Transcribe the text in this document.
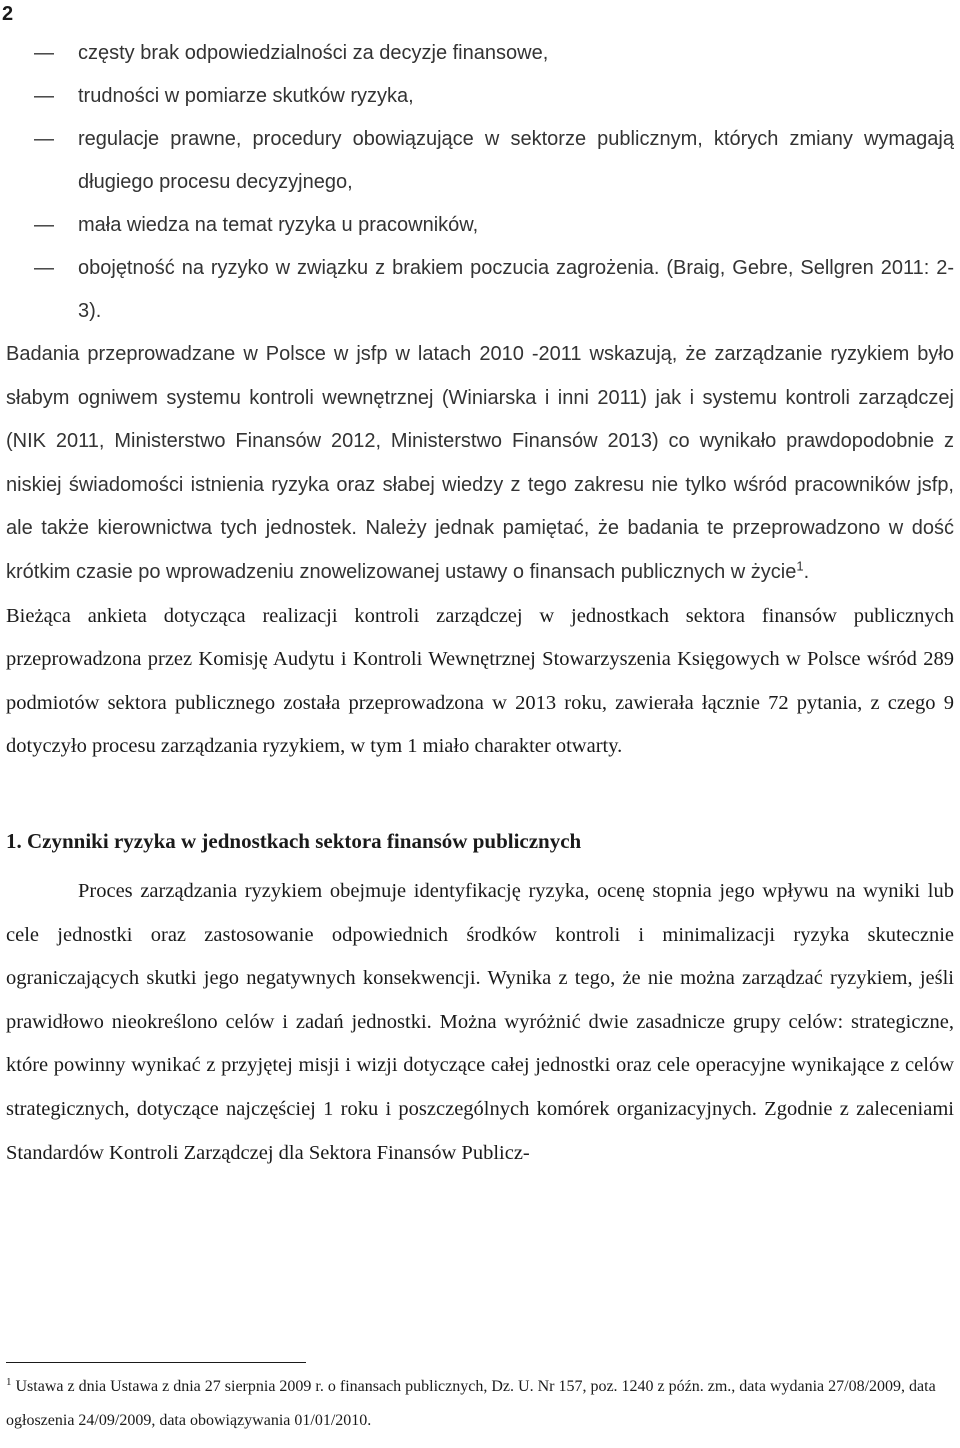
2
— częsty brak odpowiedzialności za decyzje finansowe,
— trudności w pomiarze skutków ryzyka,
— regulacje prawne, procedury obowiązujące w sektorze publicznym, których zmiany wymagają długiego procesu decyzyjnego,
— mała wiedza na temat ryzyka u pracowników,
— obojętność na ryzyko w związku z brakiem poczucia zagrożenia. (Braig, Gebre, Sellgren 2011: 2-3).

Badania przeprowadzane w Polsce w jsfp w latach 2010 -2011 wskazują, że zarządzanie ryzykiem było słabym ogniwem systemu kontroli wewnętrznej (Winiarska i inni 2011) jak i systemu kontroli zarządczej (NIK 2011, Ministerstwo Finansów 2012, Ministerstwo Finansów 2013) co wynikało prawdopodobnie z niskiej świadomości istnienia ryzyka oraz słabej wiedzy z tego zakresu nie tylko wśród pracowników jsfp, ale także kierownictwa tych jednostek. Należy jednak pamiętać, że badania te przeprowadzono w dość krótkim czasie po wprowadzeniu znowelizowanej ustawy o finansach publicznych w życie$^1$.

Bieżąca ankieta dotycząca realizacji kontroli zarządczej w jednostkach sektora finansów publicznych przeprowadzona przez Komisję Audytu i Kontroli Wewnętrznej Stowarzyszenia Księgowych w Polsce wśród 289 podmiotów sektora publicznego została przeprowadzona w 2013 roku, zawierała łącznie 72 pytania, z czego 9 dotyczyło procesu zarządzania ryzykiem, w tym 1 miało charakter otwarty.

1. Czynniki ryzyka w jednostkach sektora finansów publicznych

Proces zarządzania ryzykiem obejmuje identyfikację ryzyka, ocenę stopnia jego wpływu na wyniki lub cele jednostki oraz zastosowanie odpowiednich środków kontroli i minimalizacji ryzyka skutecznie ograniczających skutki jego negatywnych konsekwencji. Wynika z tego, że nie można zarządzać ryzykiem, jeśli prawidłowo nieokreślono celów i zadań jednostki. Można wyróżnić dwie zasadnicze grupy celów: strategiczne, które powinny wynikać z przyjętej misji i wizji dotyczące całej jednostki oraz cele operacyjne wynikające z celów strategicznych, dotyczące najczęściej 1 roku i poszczególnych komórek organizacyjnych. Zgodnie z zaleceniami Standardów Kontroli Zarządczej dla Sektora Finansów Publicz-

$^1$ Ustawa z dnia Ustawa z dnia 27 sierpnia 2009 r. o finansach publicznych, Dz. U. Nr 157, poz. 1240 z późn. zm., data wydania 27/08/2009, data ogłoszenia 24/09/2009, data obowiązywania 01/01/2010.
